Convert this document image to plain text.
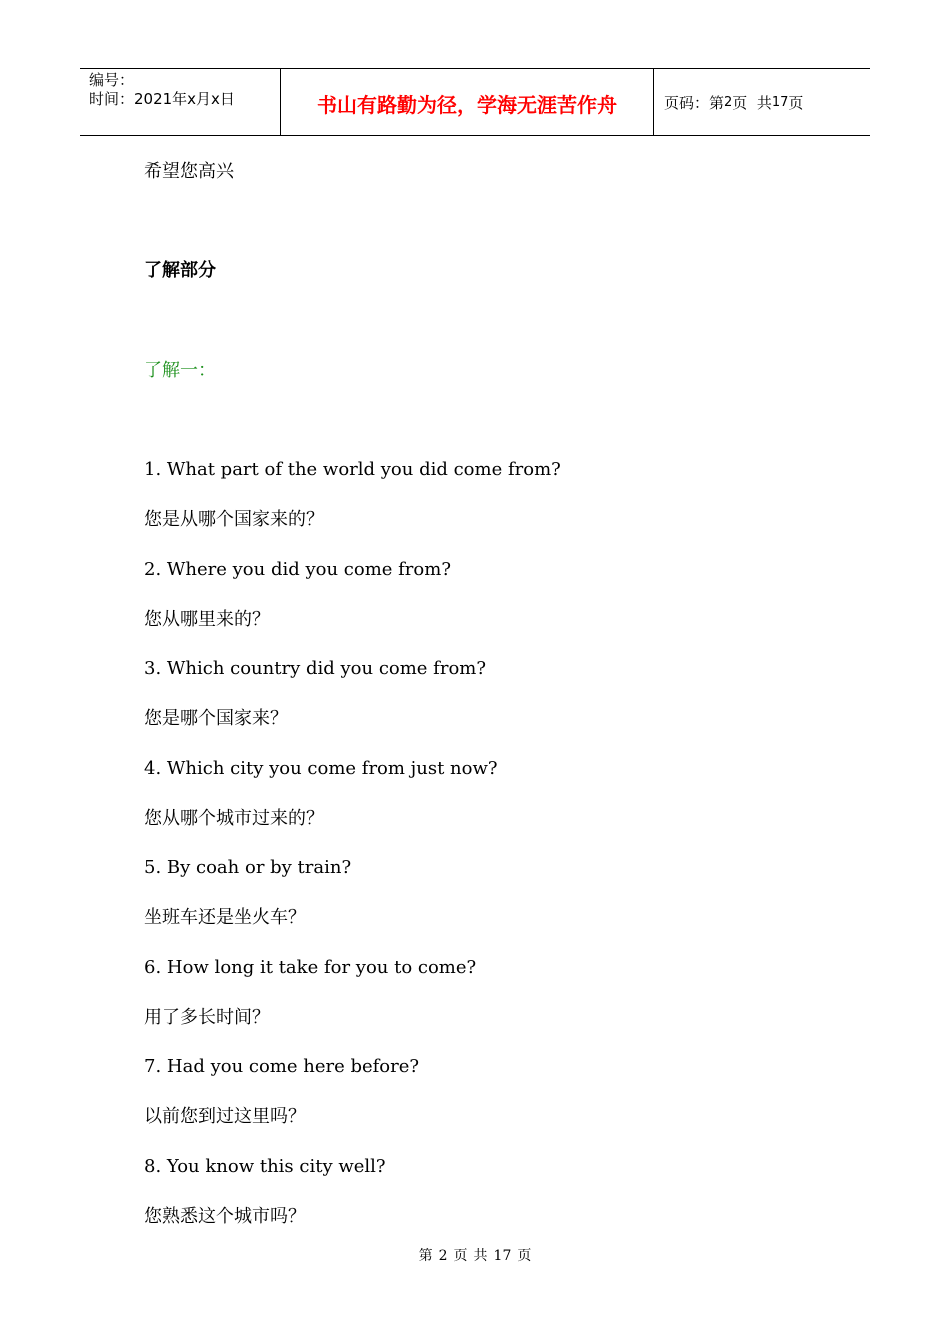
编号：
时间：2021年x月x日	书山有路勤为径，学海无涯苦作舟	页码：第 2 页  共 17 页
希望您高兴
了解部分
了解一：
1. What part of the world you did come from?
您是从哪个国家来的？
2. Where you did you come from?
您从哪里来的？
3. Which country did you come from?
您是哪个国家来？
4. Which city you come from just now?
您从哪个城市过来的？
5. By coah or by train?
坐班车还是坐火车？
6. How long it take for you to come?
用了多长时间？
7. Had you come here before?
以前您到过这里吗？
8. You know this city well?
您熟悉这个城市吗？
第 2 页 共 17 页
